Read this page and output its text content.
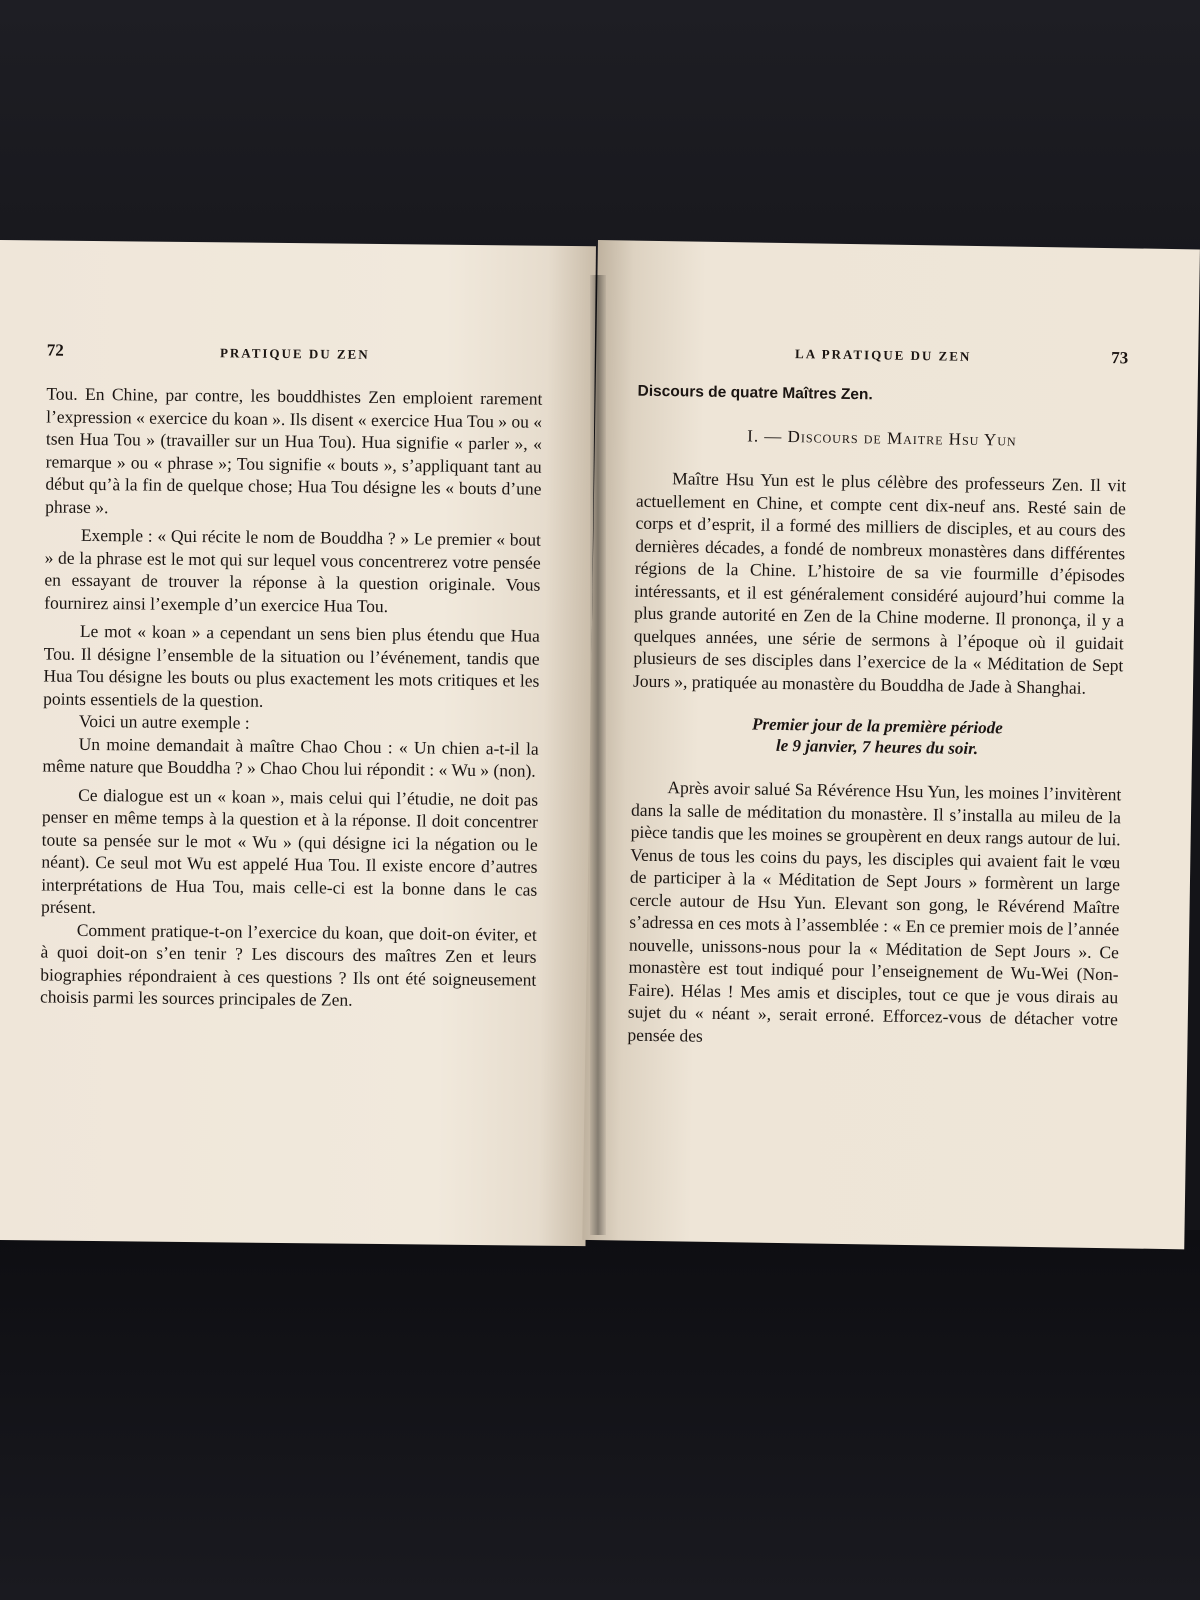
72	PRATIQUE DU ZEN

Tou. En Chine, par contre, les bouddhistes Zen emploient rarement l’expression « exercice du koan ». Ils disent « exercice Hua Tou » ou « tsen Hua Tou » (travailler sur un Hua Tou). Hua signifie « parler », « remarque » ou « phrase »; Tou signifie « bouts », s’appliquant tant au début qu’à la fin de quelque chose; Hua Tou désigne les « bouts d’une phrase ».

Exemple : « Qui récite le nom de Bouddha ? » Le premier « bout » de la phrase est le mot qui sur lequel vous concentrerez votre pensée en essayant de trouver la réponse à la question originale. Vous fournirez ainsi l’exemple d’un exercice Hua Tou.

Le mot « koan » a cependant un sens bien plus étendu que Hua Tou. Il désigne l’ensemble de la situation ou l’événement, tandis que Hua Tou désigne les bouts ou plus exactement les mots critiques et les points essentiels de la question.

Voici un autre exemple :

Un moine demandait à maître Chao Chou : « Un chien a-t-il la même nature que Bouddha ? » Chao Chou lui répondit : « Wu » (non).

Ce dialogue est un « koan », mais celui qui l’étudie, ne doit pas penser en même temps à la question et à la réponse. Il doit concentrer toute sa pensée sur le mot « Wu » (qui désigne ici la négation ou le néant). Ce seul mot Wu est appelé Hua Tou. Il existe encore d’autres interprétations de Hua Tou, mais celle-ci est la bonne dans le cas présent.

Comment pratique-t-on l’exercice du koan, que doit-on éviter, et à quoi doit-on s’en tenir ? Les discours des maîtres Zen et leurs biographies répondraient à ces questions ? Ils ont été soigneusement choisis parmi les sources principales de Zen.

LA PRATIQUE DU ZEN	73
Discours de quatre Maîtres Zen.
I. — Discours de Maitre Hsu Yun

Maître Hsu Yun est le plus célèbre des professeurs Zen. Il vit actuellement en Chine, et compte cent dix-neuf ans. Resté sain de corps et d’esprit, il a formé des milliers de disciples, et au cours des dernières décades, a fondé de nombreux monastères dans différentes régions de la Chine. L’histoire de sa vie fourmille d’épisodes intéressants, et il est généralement considéré aujourd’hui comme la plus grande autorité en Zen de la Chine moderne. Il prononça, il y a quelques années, une série de sermons à l’époque où il guidait plusieurs de ses disciples dans l’exercice de la « Méditation de Sept Jours », pratiquée au monastère du Bouddha de Jade à Shanghai.

Premier jour de la première période
le 9 janvier, 7 heures du soir.

Après avoir salué Sa Révérence Hsu Yun, les moines l’invitèrent dans la salle de méditation du monastère. Il s’installa au mileu de la pièce tandis que les moines se groupèrent en deux rangs autour de lui. Venus de tous les coins du pays, les disciples qui avaient fait le vœu de participer à la « Méditation de Sept Jours » formèrent un large cercle autour de Hsu Yun. Elevant son gong, le Révérend Maître s’adressa en ces mots à l’assemblée : « En ce premier mois de l’année nouvelle, unissons-nous pour la « Méditation de Sept Jours ». Ce monastère est tout indiqué pour l’enseignement de Wu-Wei (Non-Faire). Hélas ! Mes amis et disciples, tout ce que je vous dirais au sujet du « néant », serait erroné. Efforcez-vous de détacher votre pensée des
